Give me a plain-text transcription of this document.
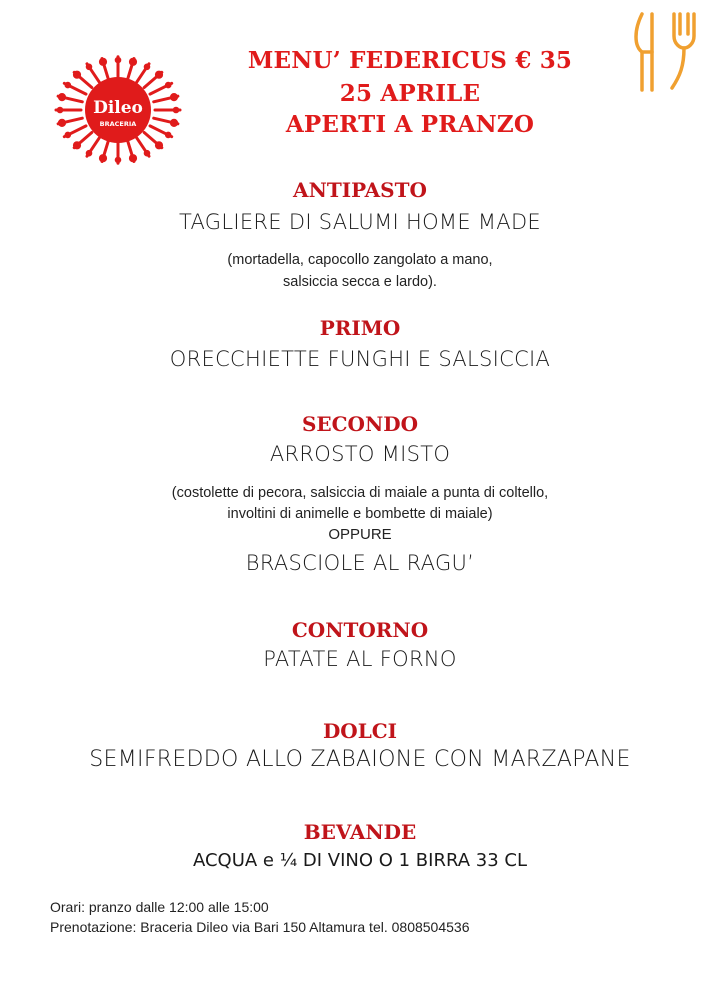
Dileo
BRACERIA
MENU’ FEDERICUS € 35
25 APRILE
APERTI A PRANZO
ANTIPASTO
TAGLIERE DI SALUMI HOME MADE
(mortadella, capocollo zangolato a mano,
salsiccia secca e lardo).
PRIMO
ORECCHIETTE FUNGHI E SALSICCIA
SECONDO
ARROSTO MISTO
(costolette di pecora, salsiccia di maiale a punta di coltello,
involtini di animelle e bombette di maiale)
OPPURE
BRASCIOLE AL RAGU’
CONTORNO
PATATE AL FORNO
DOLCI
SEMIFREDDO ALLO ZABAIONE CON MARZAPANE
BEVANDE
ACQUA e ¼ DI VINO O 1 BIRRA 33 CL
Orari: pranzo dalle 12:00 alle 15:00
Prenotazione: Braceria Dileo via Bari 150 Altamura tel. 0808504536
